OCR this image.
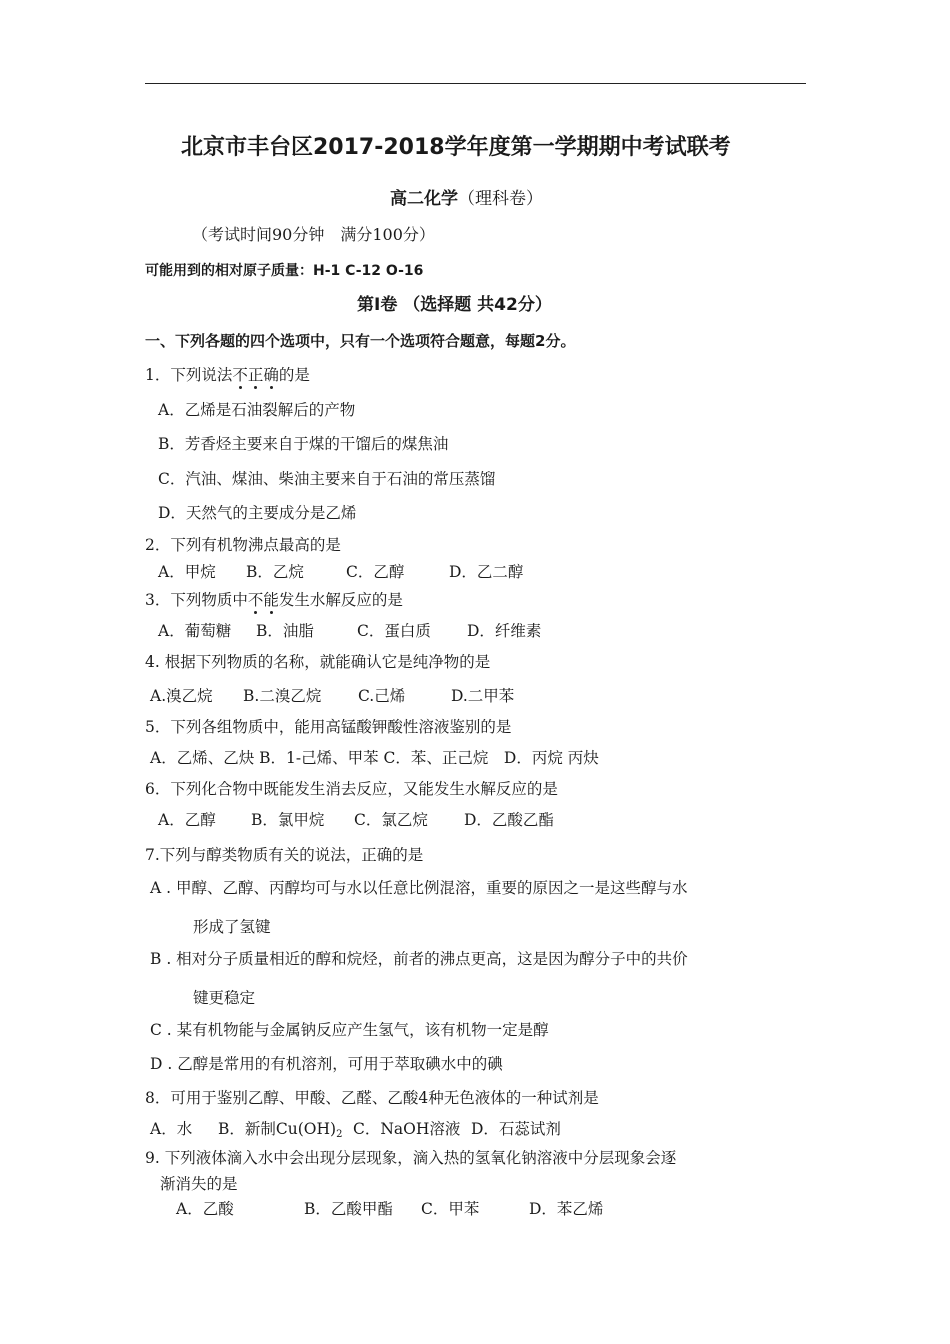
北京市丰台区2017-2018学年度第一学期期中考试联考
高二化学（理科卷）
（考试时间90分钟　满分100分）
可能用到的相对原子质量：H-1 C-12 O-16
第Ⅰ卷 （选择题 共42分）
一、下列各题的四个选项中，只有一个选项符合题意，每题2分。
1．下列说法不正确的是
A．乙烯是石油裂解后的产物
B．芳香烃主要来自于煤的干馏后的煤焦油
C．汽油、煤油、柴油主要来自于石油的常压蒸馏
D．天然气的主要成分是乙烯
2．下列有机物沸点最高的是
A．甲烷 B．乙烷	C．乙醇	D．乙二醇
3．下列物质中不能发生水解反应的是
A．葡萄糖 B．油脂	C．蛋白质 D．纤维素
4. 根据下列物质的名称，就能确认它是纯净物的是
A.溴乙烷 B.二溴乙烷 C.己烯	D.二甲苯
5．下列各组物质中，能用高锰酸钾酸性溶液鉴别的是
A．乙烯、乙炔 B．1-己烯、甲苯 C．苯、正己烷　D．丙烷 丙炔
6．下列化合物中既能发生消去反应，又能发生水解反应的是
A．乙醇 B．氯甲烷 C．氯乙烷 D．乙酸乙酯
7.下列与醇类物质有关的说法，正确的是
A . 甲醇、乙醇、丙醇均可与水以任意比例混溶，重要的原因之一是这些醇与水
形成了氢键
B . 相对分子质量相近的醇和烷烃，前者的沸点更高，这是因为醇分子中的共价
键更稳定
C . 某有机物能与金属钠反应产生氢气，该有机物一定是醇
D . 乙醇是常用的有机溶剂，可用于萃取碘水中的碘
8．可用于鉴别乙醇、甲酸、乙醛、乙酸4种无色液体的一种试剂是
A．水 B．新制$Cu(OH)_2$ C．NaOH溶液 D．石蕊试剂
9. 下列液体滴入水中会出现分层现象，滴入热的氢氧化钠溶液中分层现象会逐
渐消失的是
A．乙酸	B．乙酸甲酯 C．甲苯	D．苯乙烯
